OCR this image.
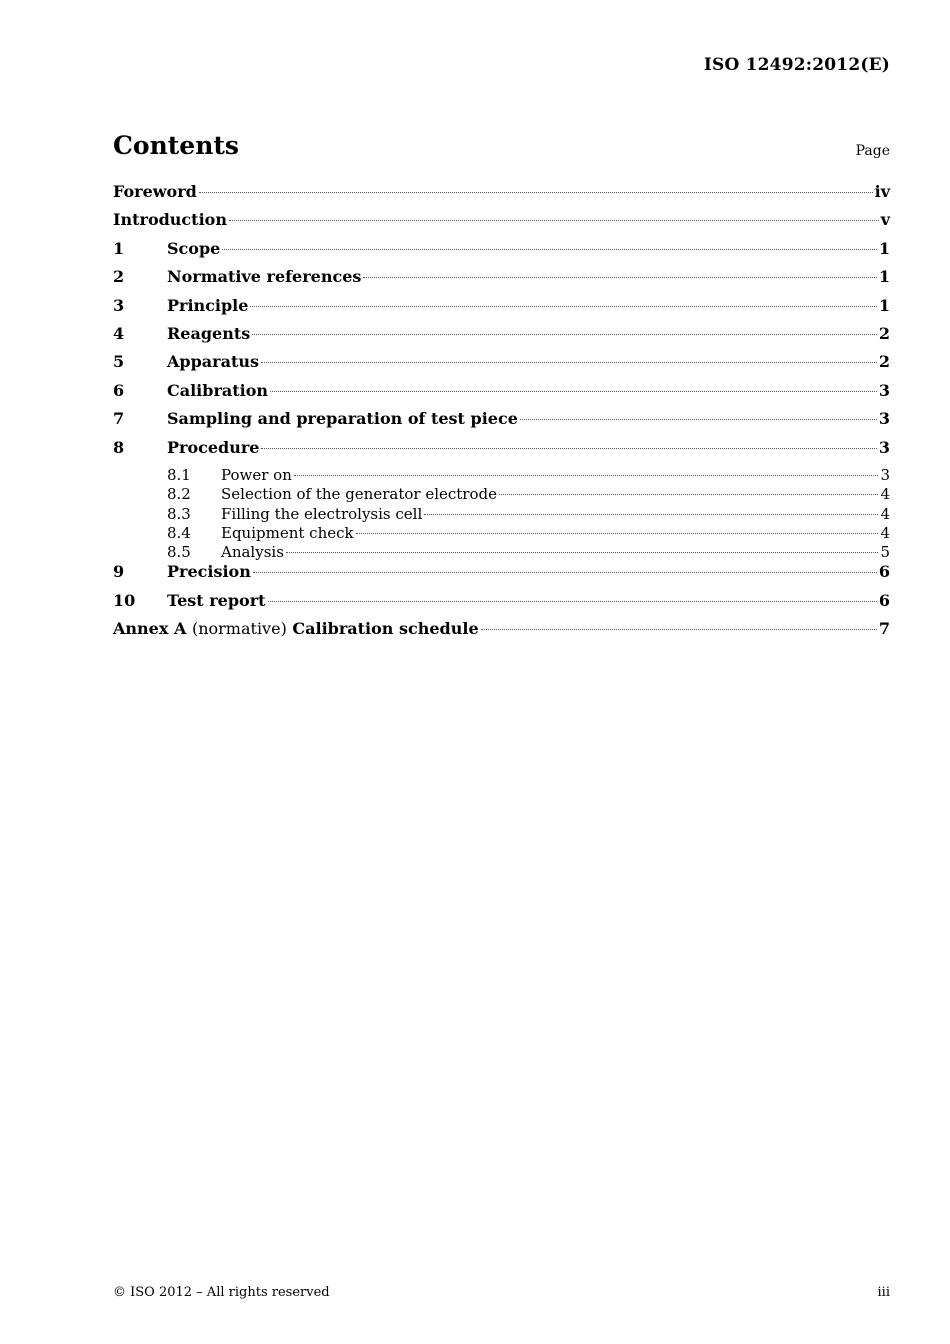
ISO 12492:2012(E)
Contents	Page
Foreword	iv
Introduction	v
1	Scope	1
2	Normative references	1
3	Principle	1
4	Reagents	2
5	Apparatus	2
6	Calibration	3
7	Sampling and preparation of test piece	3
8	Procedure	3
8.1	Power on	3
8.2	Selection of the generator electrode	4
8.3	Filling the electrolysis cell	4
8.4	Equipment check	4
8.5	Analysis	5
9	Precision	6
10	Test report	6
Annex A (normative) Calibration schedule	7
© ISO 2012 – All rights reserved	iii
